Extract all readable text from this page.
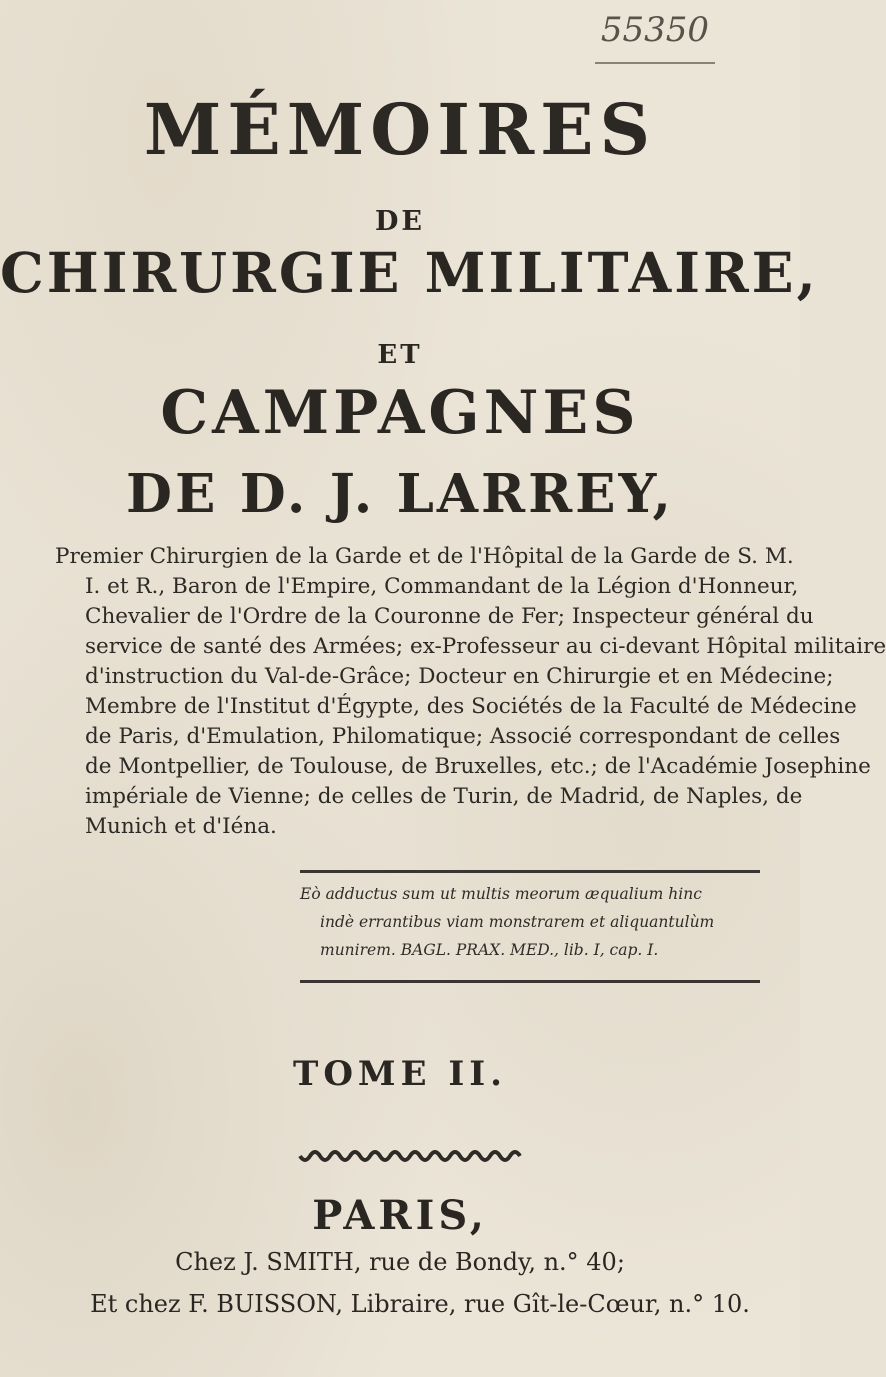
55350
MÉMOIRES
DE
CHIRURGIE MILITAIRE,
ET
CAMPAGNES
DE D. J. LARREY,
Premier Chirurgien de la Garde et de l'Hôpital de la Garde de S. M.
I. et R., Baron de l'Empire, Commandant de la Légion d'Honneur,
Chevalier de l'Ordre de la Couronne de Fer; Inspecteur général du
service de santé des Armées; ex-Professeur au ci-devant Hôpital militaire
d'instruction du Val-de-Grâce; Docteur en Chirurgie et en Médecine;
Membre de l'Institut d'Égypte, des Sociétés de la Faculté de Médecine
de Paris, d'Emulation, Philomatique; Associé correspondant de celles
de Montpellier, de Toulouse, de Bruxelles, etc.; de l'Académie Josephine
impériale de Vienne; de celles de Turin, de Madrid, de Naples, de
Munich et d'Iéna.
Eò adductus sum ut multis meorum æqualium hinc
indè errantibus viam monstrarem et aliquantulùm
munirem. BAGL. PRAX. MED., lib. I, cap. I.
TOME II.
PARIS,
Chez J. SMITH, rue de Bondy, n.° 40;
Et chez F. BUISSON, Libraire, rue Gît-le-Cœur, n.° 10.
